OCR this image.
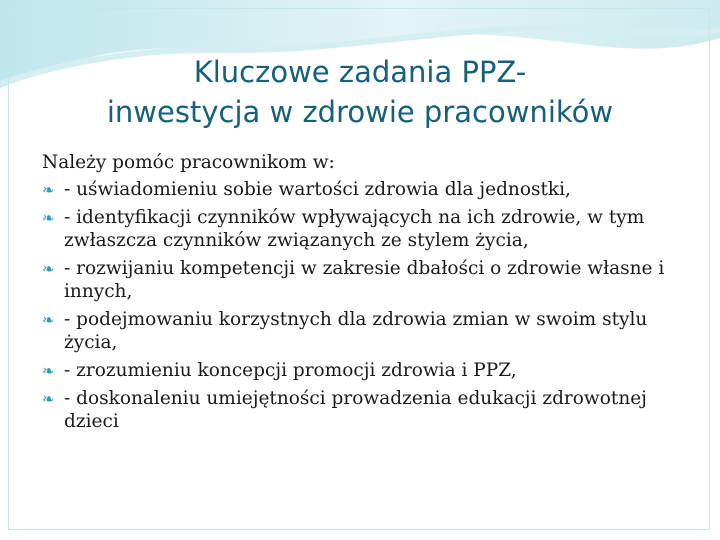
Kluczowe zadania PPZ-
inwestycja w zdrowie pracowników

Należy pomóc pracownikom w:

❧ - uświadomieniu sobie wartości zdrowia dla jednostki,
❧ - identyfikacji czynników wpływających na ich zdrowie, w tym zwłaszcza czynników związanych ze stylem życia,
❧ - rozwijaniu kompetencji w zakresie dbałości o zdrowie własne i innych,
❧ - podejmowaniu korzystnych dla zdrowia zmian w swoim stylu życia,
❧ - zrozumieniu koncepcji promocji zdrowia i PPZ,
❧ - doskonaleniu umiejętności prowadzenia edukacji zdrowotnej dzieci
